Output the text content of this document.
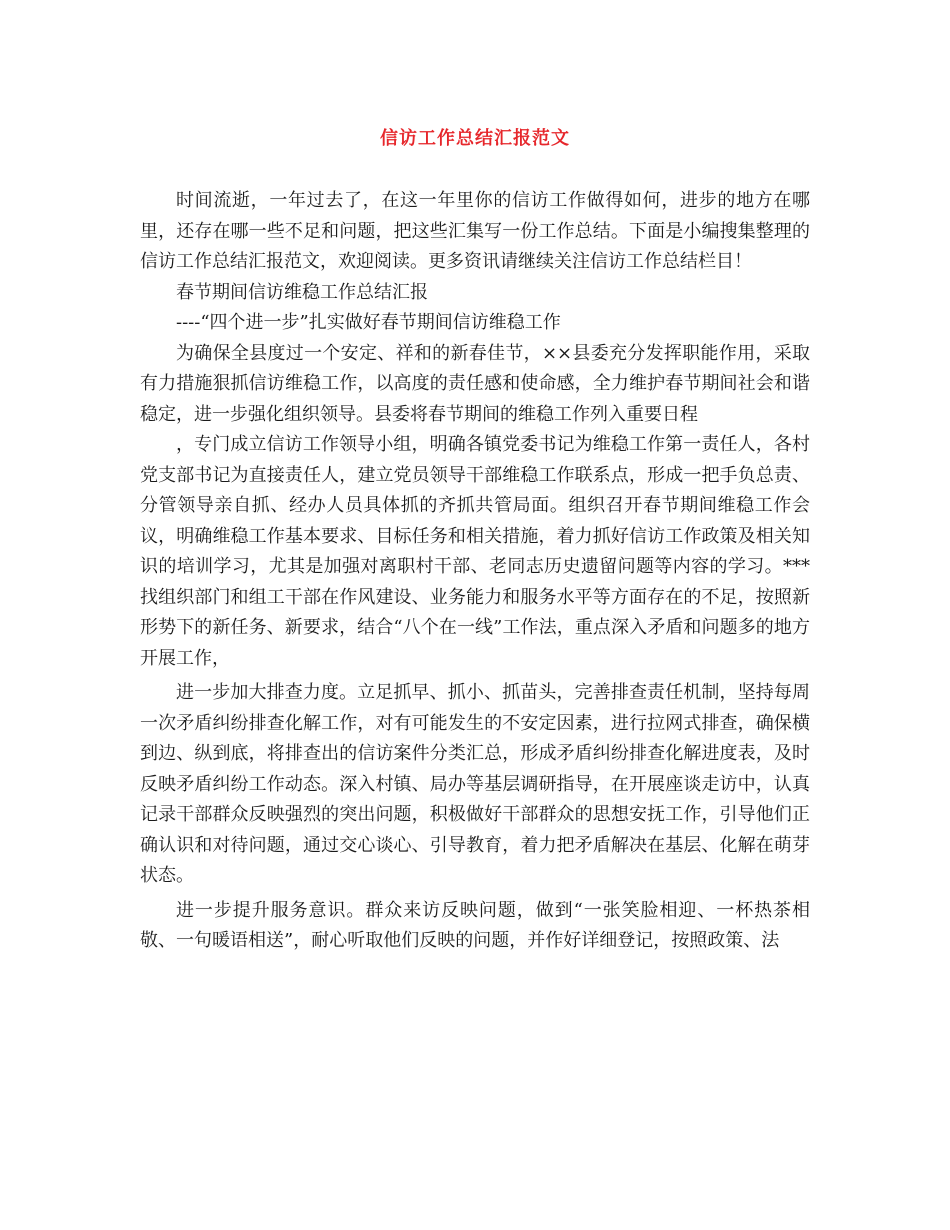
信访工作总结汇报范文

时间流逝，一年过去了，在这一年里你的信访工作做得如何，进步的地方在哪里，还存在哪一些不足和问题，把这些汇集写一份工作总结。下面是小编搜集整理的信访工作总结汇报范文，欢迎阅读。更多资讯请继续关注信访工作总结栏目！

春节期间信访维稳工作总结汇报

----“四个进一步”扎实做好春节期间信访维稳工作

为确保全县度过一个安定、祥和的新春佳节，××县委充分发挥职能作用，采取有力措施狠抓信访维稳工作，以高度的责任感和使命感，全力维护春节期间社会和谐稳定，进一步强化组织领导。县委将春节期间的维稳工作列入重要日程

，专门成立信访工作领导小组，明确各镇党委书记为维稳工作第一责任人，各村党支部书记为直接责任人，建立党员领导干部维稳工作联系点，形成一把手负总责、分管领导亲自抓、经办人员具体抓的齐抓共管局面。组织召开春节期间维稳工作会议，明确维稳工作基本要求、目标任务和相关措施，着力抓好信访工作政策及相关知识的培训学习，尤其是加强对离职村干部、老同志历史遗留问题等内容的学习。***找组织部门和组工干部在作风建设、业务能力和服务水平等方面存在的不足，按照新形势下的新任务、新要求，结合“八个在一线”工作法，重点深入矛盾和问题多的地方开展工作，

进一步加大排查力度。立足抓早、抓小、抓苗头，完善排查责任机制，坚持每周一次矛盾纠纷排查化解工作，对有可能发生的不安定因素，进行拉网式排查，确保横到边、纵到底，将排查出的信访案件分类汇总，形成矛盾纠纷排查化解进度表，及时反映矛盾纠纷工作动态。深入村镇、局办等基层调研指导，在开展座谈走访中，认真记录干部群众反映强烈的突出问题，积极做好干部群众的思想安抚工作，引导他们正确认识和对待问题，通过交心谈心、引导教育，着力把矛盾解决在基层、化解在萌芽状态。

进一步提升服务意识。群众来访反映问题，做到“一张笑脸相迎、一杯热茶相敬、一句暖语相送”，耐心听取他们反映的问题，并作好详细登记，按照政策、法
